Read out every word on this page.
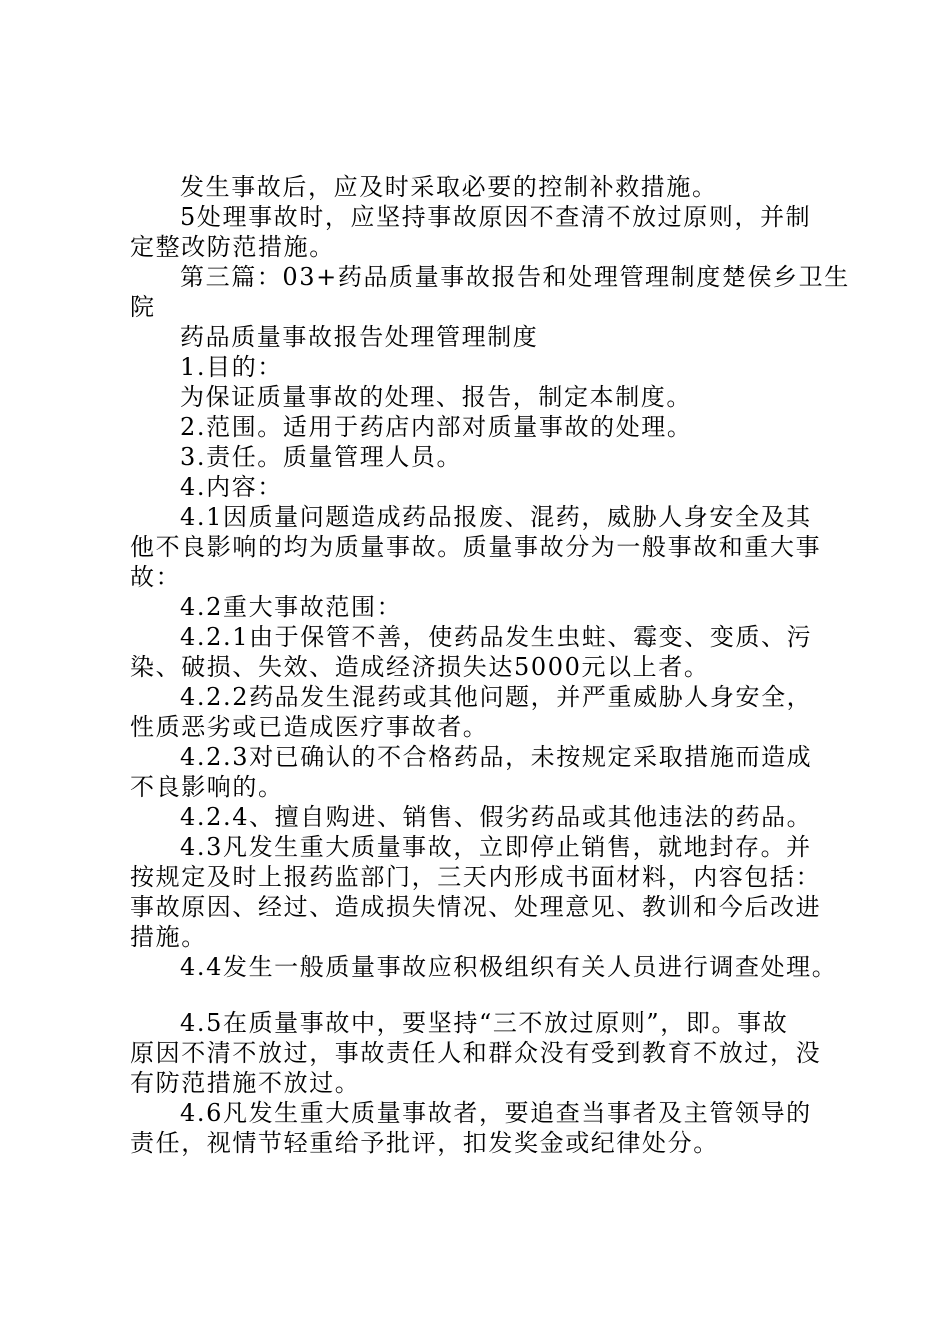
发生事故后，应及时采取必要的控制补救措施。
5处理事故时，应坚持事故原因不查清不放过原则，并制
定整改防范措施。
第三篇：03+药品质量事故报告和处理管理制度楚侯乡卫生
院
药品质量事故报告处理管理制度
1.目的：
为保证质量事故的处理、报告，制定本制度。
2.范围。适用于药店内部对质量事故的处理。
3.责任。质量管理人员。
4.内容：
4.1因质量问题造成药品报废、混药，威胁人身安全及其
他不良影响的均为质量事故。质量事故分为一般事故和重大事
故：
4.2重大事故范围：
4.2.1由于保管不善，使药品发生虫蛀、霉变、变质、污
染、破损、失效、造成经济损失达5000元以上者。
4.2.2药品发生混药或其他问题，并严重威胁人身安全，
性质恶劣或已造成医疗事故者。
4.2.3对已确认的不合格药品，未按规定采取措施而造成
不良影响的。
4.2.4、擅自购进、销售、假劣药品或其他违法的药品。
4.3凡发生重大质量事故，立即停止销售，就地封存。并
按规定及时上报药监部门，三天内形成书面材料，内容包括：
事故原因、经过、造成损失情况、处理意见、教训和今后改进
措施。
4.4发生一般质量事故应积极组织有关人员进行调查处理。
4.5在质量事故中，要坚持“三不放过原则”，即。事故
原因不清不放过，事故责任人和群众没有受到教育不放过，没
有防范措施不放过。
4.6凡发生重大质量事故者，要追查当事者及主管领导的
责任，视情节轻重给予批评，扣发奖金或纪律处分。
